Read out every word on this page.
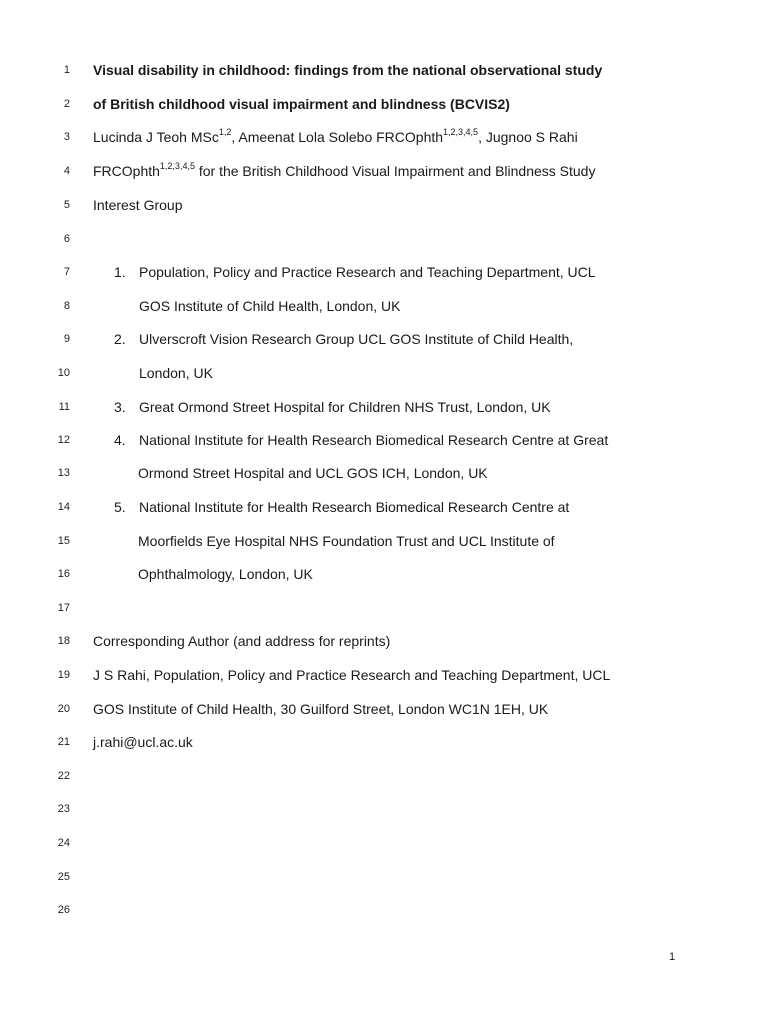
1 Visual disability in childhood: findings from the national observational study
2 of British childhood visual impairment and blindness (BCVIS2)
3 Lucinda J Teoh MSc$^{1,2}$, Ameenat Lola Solebo FRCOphth$^{1,2,3,4,5}$, Jugnoo S Rahi
4 FRCOphth$^{1,2,3,4,5}$ for the British Childhood Visual Impairment and Blindness Study
5 Interest Group
6
7	1. Population, Policy and Practice Research and Teaching Department, UCL
8	GOS Institute of Child Health, London, UK
9	2. Ulverscroft Vision Research Group UCL GOS Institute of Child Health,
10	London, UK
11	3. Great Ormond Street Hospital for Children NHS Trust, London, UK
12	4. National Institute for Health Research Biomedical Research Centre at Great
13	Ormond Street Hospital and UCL GOS ICH, London, UK
14	5. National Institute for Health Research Biomedical Research Centre at
15	Moorfields Eye Hospital NHS Foundation Trust and UCL Institute of
16	Ophthalmology, London, UK
17
18 Corresponding Author (and address for reprints)
19 J S Rahi, Population, Policy and Practice Research and Teaching Department, UCL
20 GOS Institute of Child Health, 30 Guilford Street, London WC1N 1EH, UK
21 j.rahi@ucl.ac.uk
22
23
24
25
26
1
